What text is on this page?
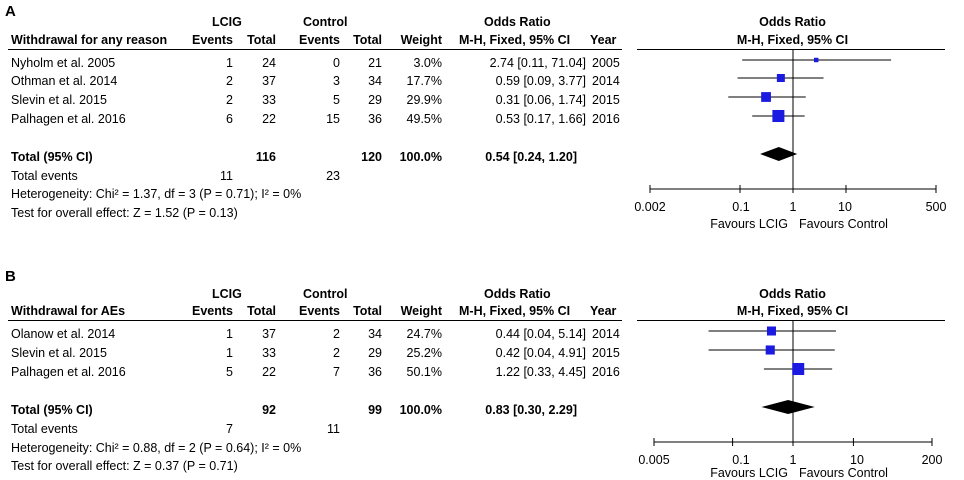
A
LCIG	Control	Odds Ratio
Withdrawal for any reason	Events	Total	Events	Total	Weight M-H, Fixed, 95% CI Year
Odds Ratio
M-H, Fixed, 95% CI
Nyholm et al. 2005	1	24	0	21	3.0%	2.74 [0.11, 71.04] 2005
Othman et al. 2014	2	37	3	34	17.7%	0.59 [0.09, 3.77] 2014
Slevin et al. 2015	2	33	5	29	29.9%	0.31 [0.06, 1.74] 2015
Palhagen et al. 2016	6	22	15	36	49.5%	0.53 [0.17, 1.66] 2016
Total (95% CI)	116	120	100.0%	0.54 [0.24, 1.20]
Total events	11	23
Heterogeneity: Chi² = 1.37, df = 3 (P = 0.71); I² = 0%
Test for overall effect: Z = 1.52 (P = 0.13)	0.002	0.1	1	10	500
Favours LCIG Favours Control
B
LCIG	Control	Odds Ratio
Withdrawal for AEs	Events	Total	Events	Total	Weight M-H, Fixed, 95% CI Year
Odds Ratio
M-H, Fixed, 95% CI
Olanow et al. 2014	1	37	2	34	24.7%	0.44 [0.04, 5.14] 2014
Slevin et al. 2015	1	33	2	29	25.2%	0.42 [0.04, 4.91] 2015
Palhagen et al. 2016	5	22	7	36	50.1%	1.22 [0.33, 4.45] 2016
Total (95% CI)	92	99	100.0%	0.83 [0.30, 2.29]
Total events	7	11
Heterogeneity: Chi² = 0.88, df = 2 (P = 0.64); I² = 0%
Test for overall effect: Z = 0.37 (P = 0.71)	0.005	0.1	1	10	200
Favours LCIG Favours Control
